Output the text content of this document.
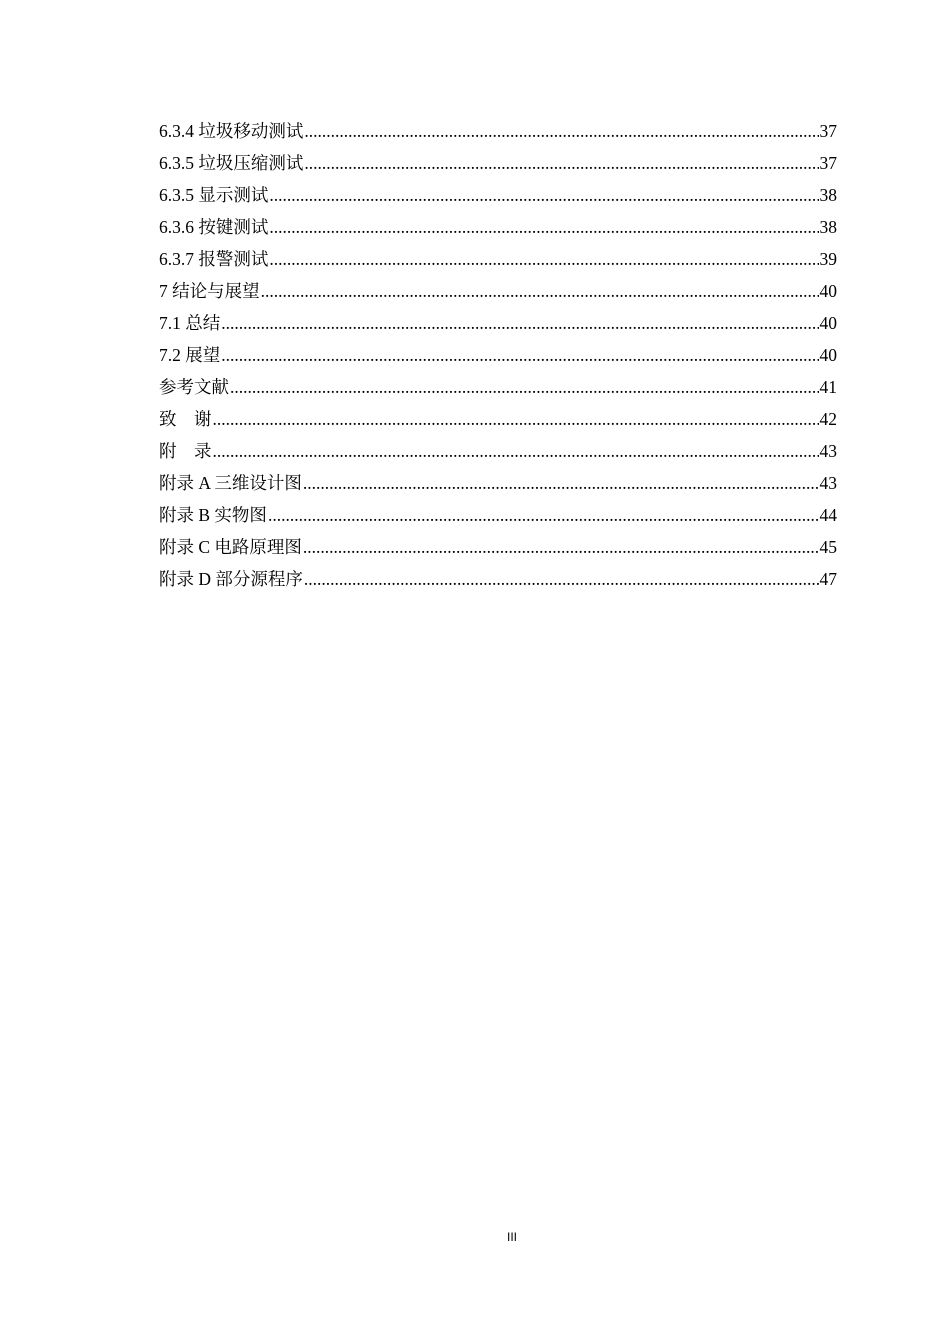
6.3.4 垃圾移动测试 .....	37
6.3.5 垃圾压缩测试 .....	37
6.3.5 显示测试 .....	38
6.3.6 按键测试 .....	38
6.3.7 报警测试 .....	39
7 结论与展望 .....	40
7.1 总结 .....	40
7.2 展望 .....	40
参考文献 .....	41
致　谢 .....	42
附　录 .....	43
附录 A 三维设计图 .....	43
附录 B 实物图 .....	44
附录 C 电路原理图 .....	45
附录 D 部分源程序 .....	47
III
